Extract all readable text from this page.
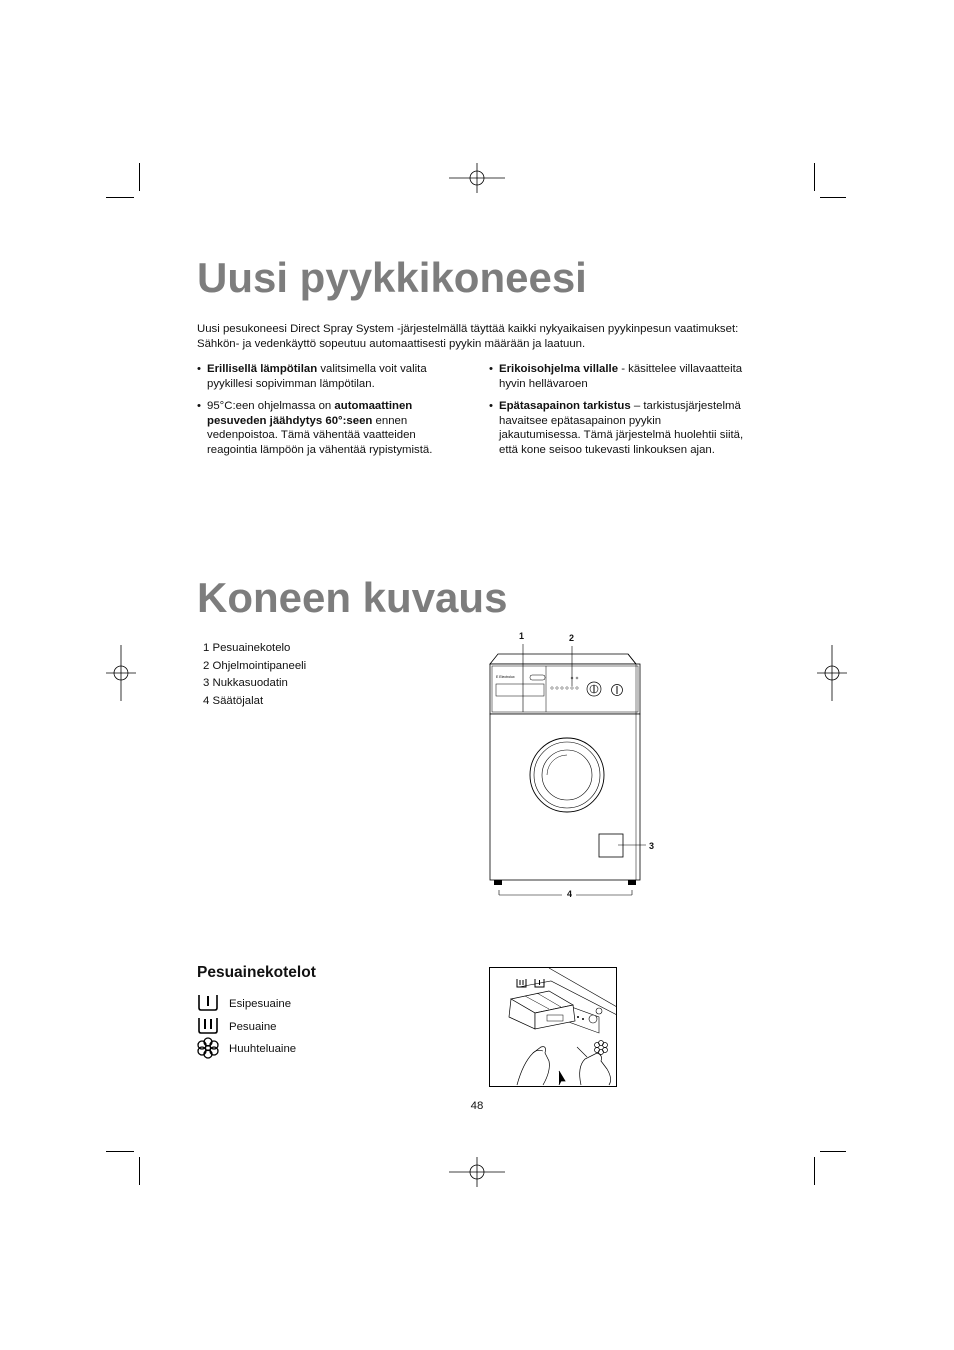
Uusi pyykkikoneesi

Uusi pesukoneesi Direct Spray System -järjestelmällä täyttää kaikki nykyaikaisen pyykinpesun vaatimukset: Sähkön- ja vedenkäyttö sopeutuu automaattisesti pyykin määrään ja laatuun.

• Erillisellä lämpötilan valitsimella voit valita pyykillesi sopivimman lämpötilan.
• 95°C:een ohjelmassa on automaattinen pesuveden jäähdytys 60°:seen ennen vedenpoistoa. Tämä vähentää vaatteiden reagointia lämpöön ja vähentää rypistymistä.
• Erikoisohjelma villalle - käsittelee villavaatteita hyvin hellävaroen
• Epätasapainon tarkistus – tarkistusjärjestelmä havaitsee epätasapainon pyykin jakautumisessa. Tämä järjestelmä huolehtii siitä, että kone seisoo tukevasti linkouksen ajan.
Koneen kuvaus
1 Pesuainekotelo
2 Ohjelmointipaneeli
3 Nukkasuodatin
4 Säätöjalat
E Electrolux
1	2
3
4
Pesuainekotelot
Esipesuaine
Pesuaine
Huuhteluaine
48
